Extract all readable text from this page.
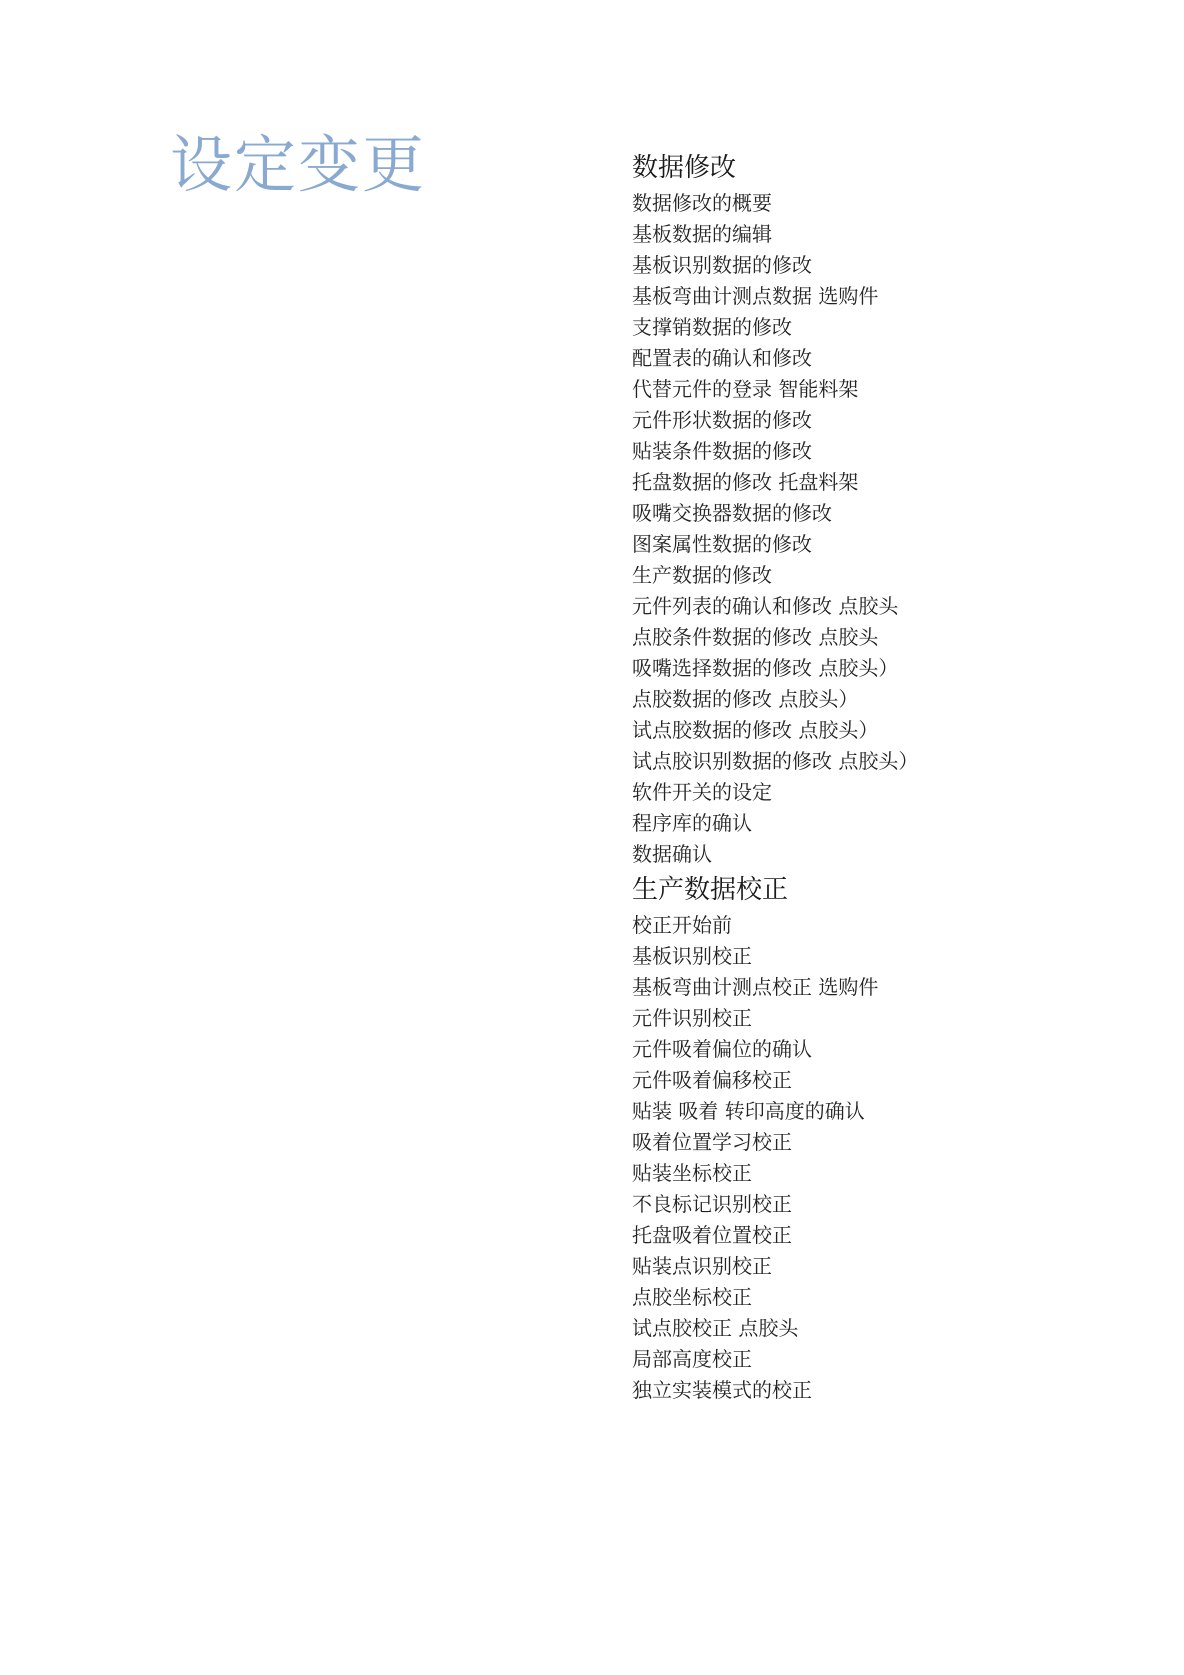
设定变更	数据修改
数据修改的概要
基板数据的编辑
基板识别数据的修改
基板弯曲计测点数据 选购件
支撑销数据的修改
配置表的确认和修改
代替元件的登录 智能料架
元件形状数据的修改
贴装条件数据的修改
托盘数据的修改 托盘料架
吸嘴交换器数据的修改
图案属性数据的修改
生产数据的修改
元件列表的确认和修改 点胶头
点胶条件数据的修改 点胶头
吸嘴选择数据的修改 点胶头）
点胶数据的修改 点胶头）
试点胶数据的修改 点胶头）
试点胶识别数据的修改 点胶头）
软件开关的设定
程序库的确认
数据确认
生产数据校正
校正开始前
基板识别校正
基板弯曲计测点校正 选购件
元件识别校正
元件吸着偏位的确认
元件吸着偏移校正
贴装 吸着 转印高度的确认
吸着位置学习校正
贴装坐标校正
不良标记识别校正
托盘吸着位置校正
贴装点识别校正
点胶坐标校正
试点胶校正 点胶头
局部高度校正
独立实装模式的校正
